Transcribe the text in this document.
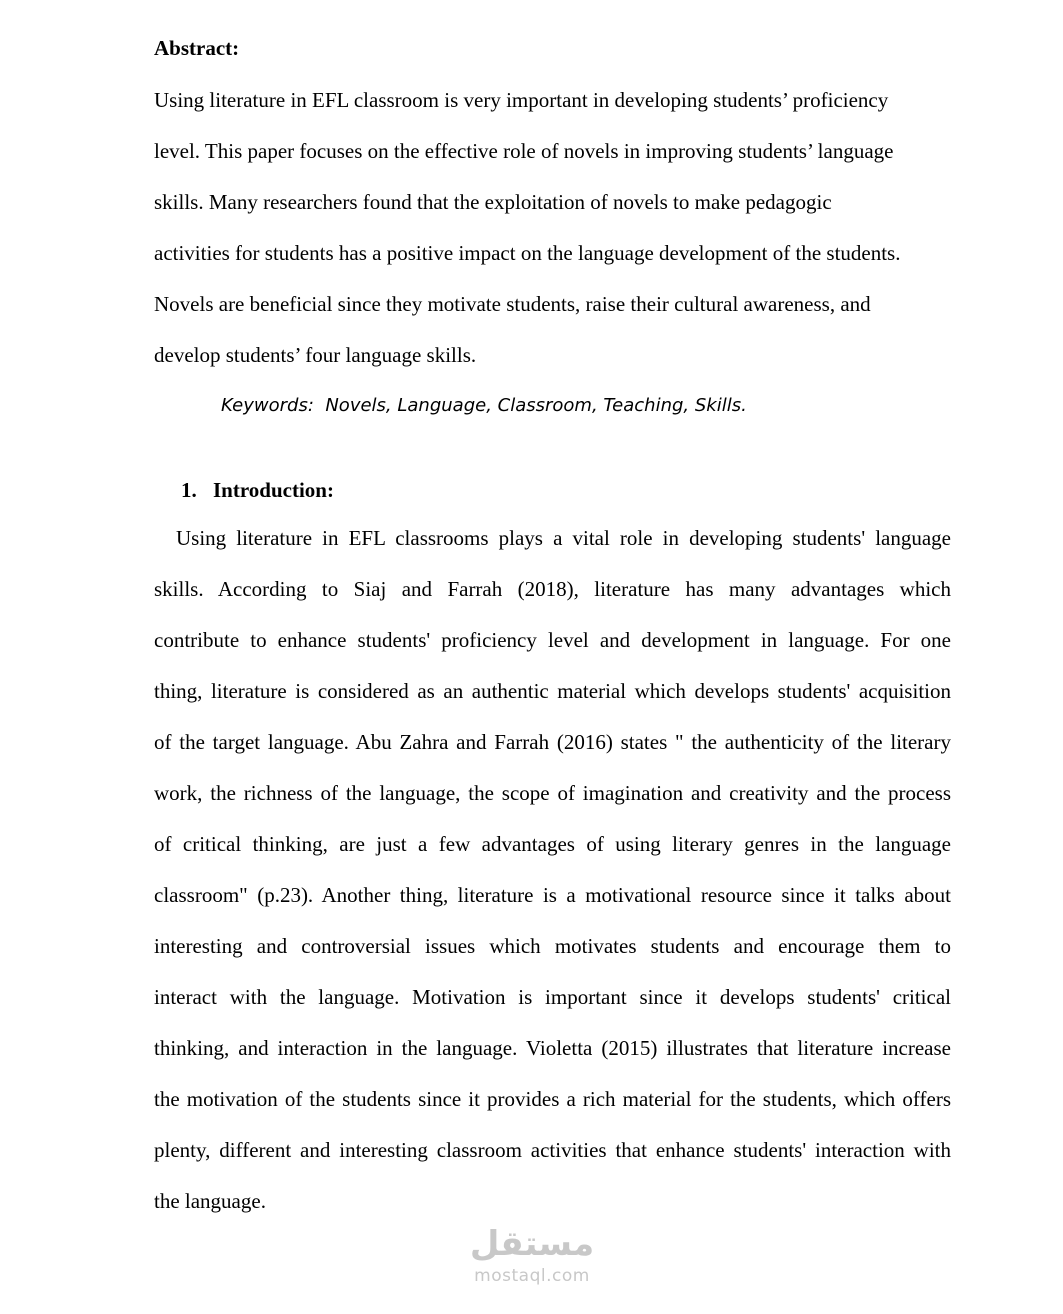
Abstract:
Using literature in EFL classroom is very important in developing students’ proficiency
level. This paper focuses on the effective role of novels in improving students’ language
skills. Many researchers found that the exploitation of novels to make pedagogic
activities for students has a positive impact on the language development of the students.
Novels are beneficial since they motivate students, raise their cultural awareness, and
develop students’ four language skills.
Keywords:  Novels, Language, Classroom, Teaching, Skills.
1. Introduction:
Using literature in EFL classrooms plays a vital role in developing students' language
skills. According to Siaj and Farrah (2018), literature has many advantages which
contribute to enhance students' proficiency level and development in language. For one
thing, literature is considered as an authentic material which develops students' acquisition
of the target language. Abu Zahra and Farrah (2016) states " the authenticity of the literary
work, the richness of the language, the scope of imagination and creativity and the process
of critical thinking, are just a few advantages of using literary genres in the language
classroom" (p.23). Another thing, literature is a motivational resource since it talks about
interesting and controversial issues which motivates students and encourage them to
interact with the language. Motivation is important since it develops students' critical
thinking, and interaction in the language. Violetta (2015) illustrates that literature increase
the motivation of the students since it provides a rich material for the students, which offers
plenty, different and interesting classroom activities that enhance students' interaction with
the language.
مستقل
mostaql.com
